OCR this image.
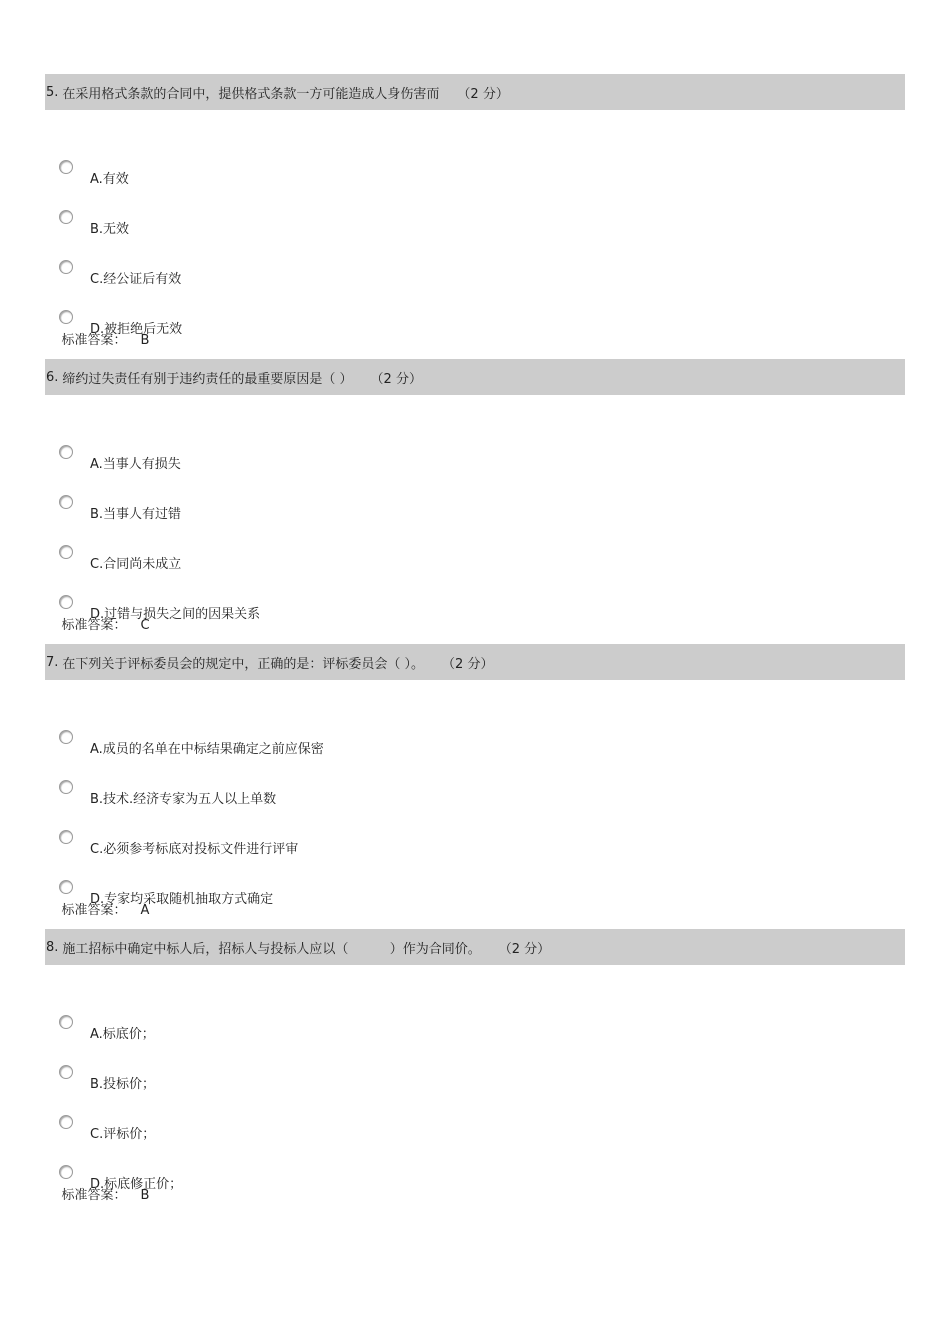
5. 在采用格式条款的合同中，提供格式条款一方可能造成人身伤害而 （2 分）
A.有效
B.无效
C.经公证后有效
D.被拒绝后无效

标准答案： B

6. 缔约过失责任有别于违约责任的最重要原因是（ ） （2 分）
A.当事人有损失
B.当事人有过错
C.合同尚未成立
D.过错与损失之间的因果关系

标准答案： C

7. 在下列关于评标委员会的规定中，正确的是：评标委员会（ ）。 （2 分）
A.成员的名单在中标结果确定之前应保密
B.技术.经济专家为五人以上单数
C.必须参考标底对投标文件进行评审
D.专家均采取随机抽取方式确定

标准答案： A

8. 施工招标中确定中标人后，招标人与投标人应以（          ）作为合同价。 （2 分）
A.标底价；
B.投标价；
C.评标价；
D.标底修正价；

标准答案： B
